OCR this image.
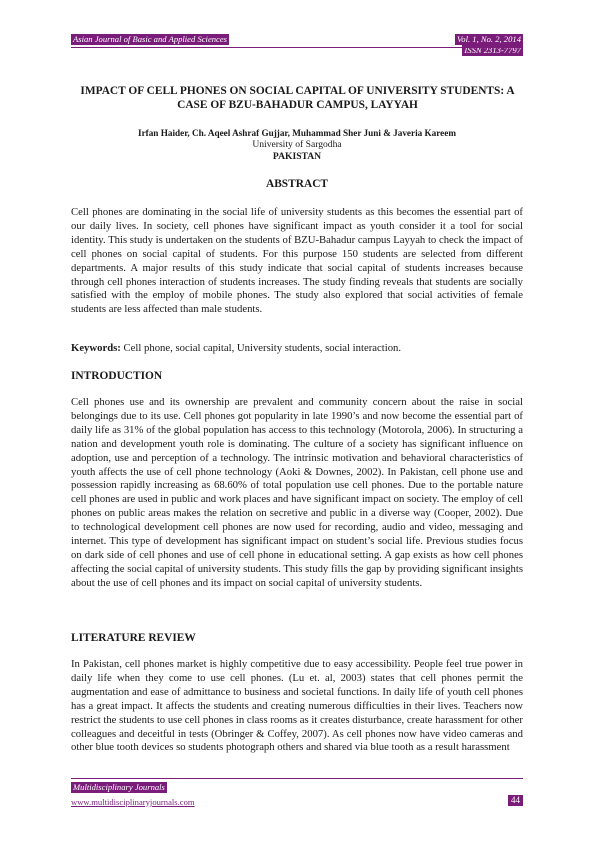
Asian Journal of Basic and Applied Sciences	Vol. 1, No. 2, 2014
ISSN 2313-7797
IMPACT OF CELL PHONES ON SOCIAL CAPITAL OF UNIVERSITY STUDENTS: A CASE OF BZU-BAHADUR CAMPUS, LAYYAH
Irfan Haider, Ch. Aqeel Ashraf Gujjar, Muhammad Sher Juni & Javeria Kareem
University of Sargodha
PAKISTAN
ABSTRACT

Cell phones are dominating in the social life of university students as this becomes the essential part of our daily lives. In society, cell phones have significant impact as youth consider it a tool for social identity. This study is undertaken on the students of BZU-Bahadur campus Layyah to check the impact of cell phones on social capital of students. For this purpose 150 students are selected from different departments. A major results of this study indicate that social capital of students increases because through cell phones interaction of students increases. The study finding reveals that students are socially satisfied with the employ of mobile phones. The study also explored that social activities of female students are less affected than male students.

Keywords: Cell phone, social capital, University students, social interaction.

INTRODUCTION

Cell phones use and its ownership are prevalent and community concern about the raise in social belongings due to its use. Cell phones got popularity in late 1990’s and now become the essential part of daily life as 31% of the global population has access to this technology (Motorola, 2006). In structuring a nation and development youth role is dominating. The culture of a society has significant influence on adoption, use and perception of a technology. The intrinsic motivation and behavioral characteristics of youth affects the use of cell phone technology (Aoki & Downes, 2002). In Pakistan, cell phone use and possession rapidly increasing as 68.60% of total population use cell phones. Due to the portable nature cell phones are used in public and work places and have significant impact on society. The employ of cell phones on public areas makes the relation on secretive and public in a diverse way (Cooper, 2002). Due to technological development cell phones are now used for recording, audio and video, messaging and internet. This type of development has significant impact on student’s social life. Previous studies focus on dark side of cell phones and use of cell phone in educational setting. A gap exists as how cell phones affecting the social capital of university students. This study fills the gap by providing significant insights about the use of cell phones and its impact on social capital of university students.

LITERATURE REVIEW

In Pakistan, cell phones market is highly competitive due to easy accessibility. People feel true power in daily life when they come to use cell phones. (Lu et. al, 2003) states that cell phones permit the augmentation and ease of admittance to business and societal functions. In daily life of youth cell phones has a great impact. It affects the students and creating numerous difficulties in their lives. Teachers now restrict the students to use cell phones in class rooms as it creates disturbance, create harassment for other colleagues and deceitful in tests (Obringer & Coffey, 2007). As cell phones now have video cameras and other blue tooth devices so students photograph others and shared via blue tooth as a result harassment

Multidisciplinary Journals
www.multidisciplinaryjournals.com	44
